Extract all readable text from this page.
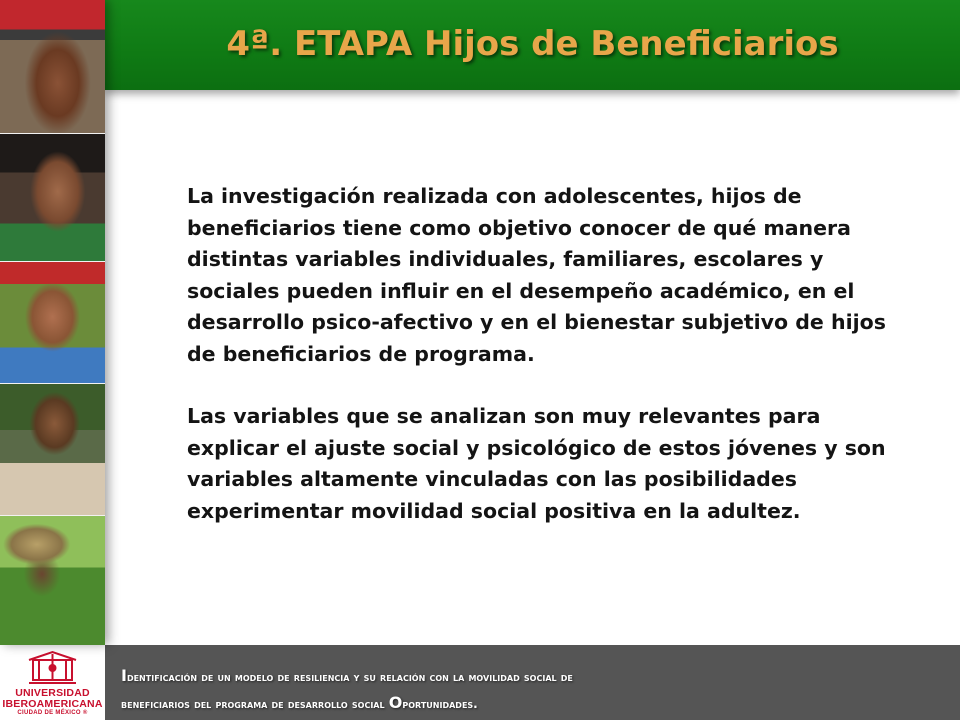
4ª. ETAPA Hijos de Beneficiarios

La investigación realizada con adolescentes, hijos de beneficiarios tiene como objetivo conocer de qué manera distintas variables individuales, familiares, escolares y sociales pueden influir en el desempeño académico, en el desarrollo psico-afectivo y en el bienestar subjetivo de hijos de beneficiarios de programa.

Las variables que se analizan son muy relevantes para explicar el ajuste social y psicológico de estos jóvenes y son variables altamente vinculadas con las posibilidades experimentar movilidad social positiva en la adultez.

UNIVERSIDAD
IBEROAMERICANA
CIUDAD DE MÉXICO ®
Identificación de un modelo de resiliencia y su relación con la movilidad social de
beneficiarios del programa de desarrollo social Oportunidades.
